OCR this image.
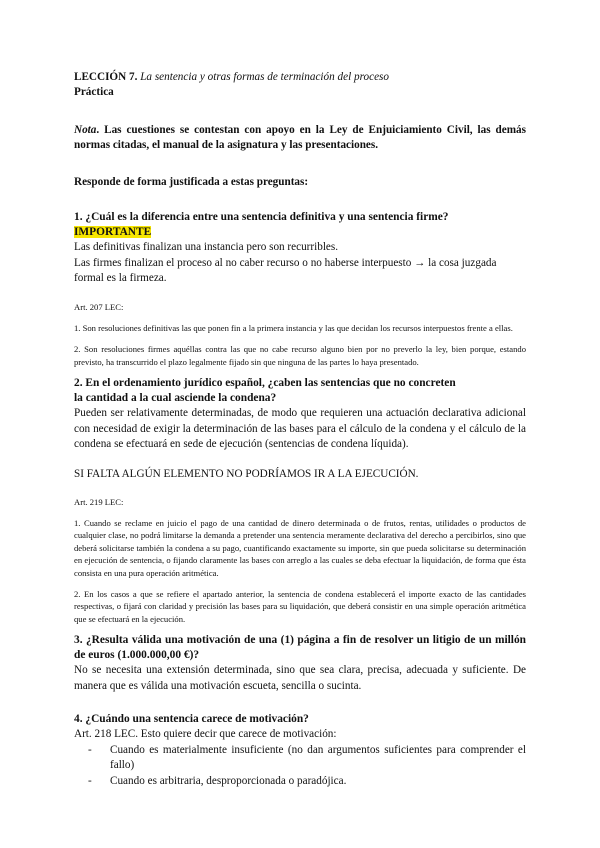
LECCIÓN 7. La sentencia y otras formas de terminación del proceso

Práctica

Nota. Las cuestiones se contestan con apoyo en la Ley de Enjuiciamiento Civil, las demás normas citadas, el manual de la asignatura y las presentaciones.

Responde de forma justificada a estas preguntas:

1. ¿Cuál es la diferencia entre una sentencia definitiva y una sentencia firme? IMPORTANTE

Las definitivas finalizan una instancia pero son recurribles.

Las firmes finalizan el proceso al no caber recurso o no haberse interpuesto → la cosa juzgada formal es la firmeza.

Art. 207 LEC:

1. Son resoluciones definitivas las que ponen fin a la primera instancia y las que decidan los recursos interpuestos frente a ellas.

2. Son resoluciones firmes aquéllas contra las que no cabe recurso alguno bien por no preverlo la ley, bien porque, estando previsto, ha transcurrido el plazo legalmente fijado sin que ninguna de las partes lo haya presentado.

2. En el ordenamiento jurídico español, ¿caben las sentencias que no concreten la cantidad a la cual asciende la condena?

Pueden ser relativamente determinadas, de modo que requieren una actuación declarativa adicional con necesidad de exigir la determinación de las bases para el cálculo de la condena y el cálculo de la condena se efectuará en sede de ejecución (sentencias de condena líquida).

SI FALTA ALGÚN ELEMENTO NO PODRÍAMOS IR A LA EJECUCIÓN.

Art. 219 LEC:

1. Cuando se reclame en juicio el pago de una cantidad de dinero determinada o de frutos, rentas, utilidades o productos de cualquier clase, no podrá limitarse la demanda a pretender una sentencia meramente declarativa del derecho a percibirlos, sino que deberá solicitarse también la condena a su pago, cuantificando exactamente su importe, sin que pueda solicitarse su determinación en ejecución de sentencia, o fijando claramente las bases con arreglo a las cuales se deba efectuar la liquidación, de forma que ésta consista en una pura operación aritmética.

2. En los casos a que se refiere el apartado anterior, la sentencia de condena establecerá el importe exacto de las cantidades respectivas, o fijará con claridad y precisión las bases para su liquidación, que deberá consistir en una simple operación aritmética que se efectuará en la ejecución.

3. ¿Resulta válida una motivación de una (1) página a fin de resolver un litigio de un millón de euros (1.000.000,00 €)?

No se necesita una extensión determinada, sino que sea clara, precisa, adecuada y suficiente. De manera que es válida una motivación escueta, sencilla o sucinta.

4. ¿Cuándo una sentencia carece de motivación?

Art. 218 LEC. Esto quiere decir que carece de motivación:

- Cuando es materialmente insuficiente (no dan argumentos suficientes para comprender el fallo)
- Cuando es arbitraria, desproporcionada o paradójica.
